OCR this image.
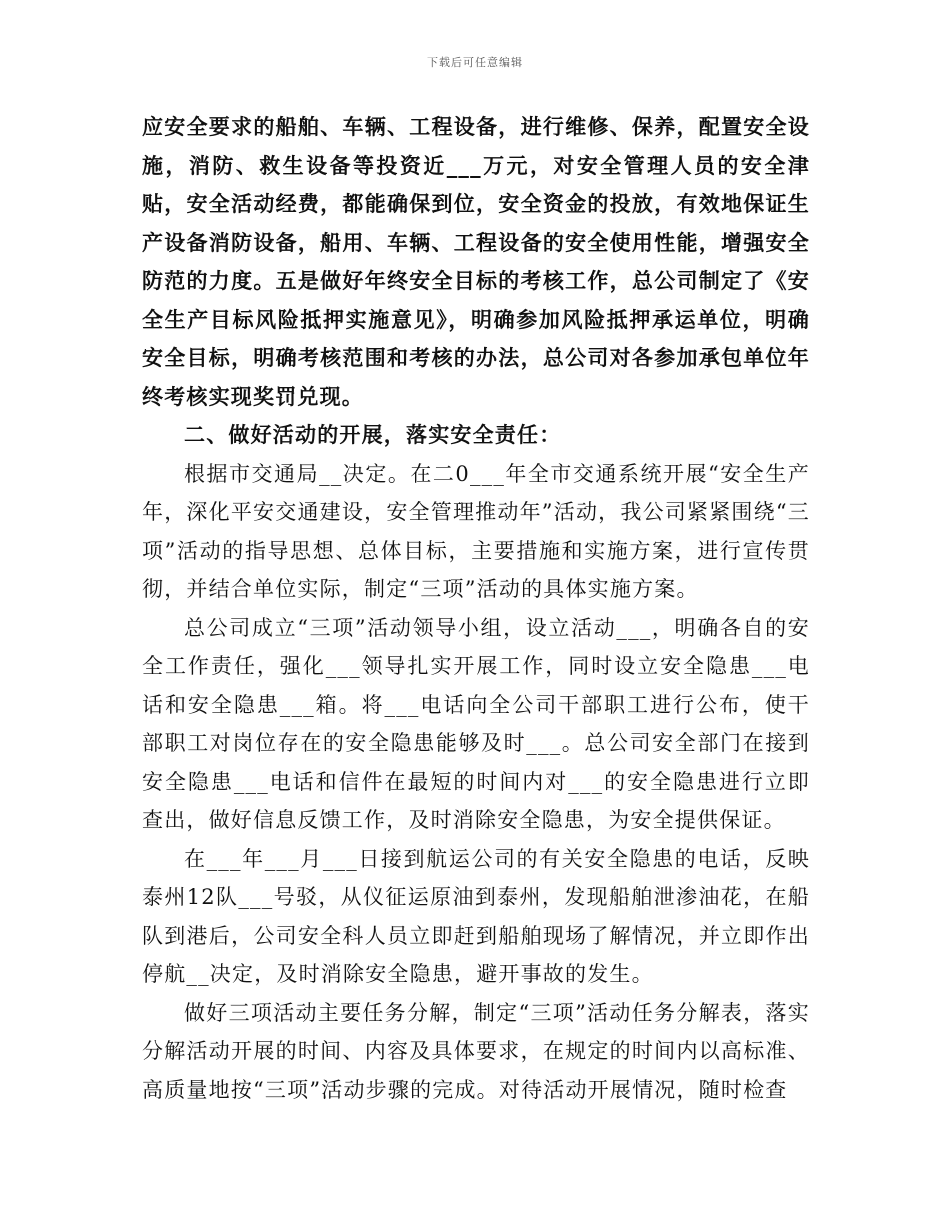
下载后可任意编辑

应安全要求的船舶、车辆、工程设备，进行维修、保养，配置安全设施，消防、救生设备等投资近___万元，对安全管理人员的安全津贴，安全活动经费，都能确保到位，安全资金的投放，有效地保证生产设备消防设备，船用、车辆、工程设备的安全使用性能，增强安全防范的力度。五是做好年终安全目标的考核工作，总公司制定了《安全生产目标风险抵押实施意见》，明确参加风险抵押承运单位，明确安全目标，明确考核范围和考核的办法，总公司对各参加承包单位年终考核实现奖罚兑现。

二、做好活动的开展，落实安全责任：

根据市交通局__决定。在二0___年全市交通系统开展“安全生产年，深化平安交通建设，安全管理推动年”活动，我公司紧紧围绕“三项”活动的指导思想、总体目标，主要措施和实施方案，进行宣传贯彻，并结合单位实际，制定“三项”活动的具体实施方案。

总公司成立“三项”活动领导小组，设立活动___，明确各自的安全工作责任，强化___领导扎实开展工作，同时设立安全隐患___电话和安全隐患___箱。将___电话向全公司干部职工进行公布，使干部职工对岗位存在的安全隐患能够及时___。总公司安全部门在接到安全隐患___电话和信件在最短的时间内对___的安全隐患进行立即查出，做好信息反馈工作，及时消除安全隐患，为安全提供保证。

在___年___月___日接到航运公司的有关安全隐患的电话，反映泰州12队___号驳，从仪征运原油到泰州，发现船舶泄渗油花，在船队到港后，公司安全科人员立即赶到船舶现场了解情况，并立即作出停航__决定，及时消除安全隐患，避开事故的发生。

做好三项活动主要任务分解，制定“三项”活动任务分解表，落实分解活动开展的时间、内容及具体要求，在规定的时间内以高标准、高质量地按“三项”活动步骤的完成。对待活动开展情况，随时检查
